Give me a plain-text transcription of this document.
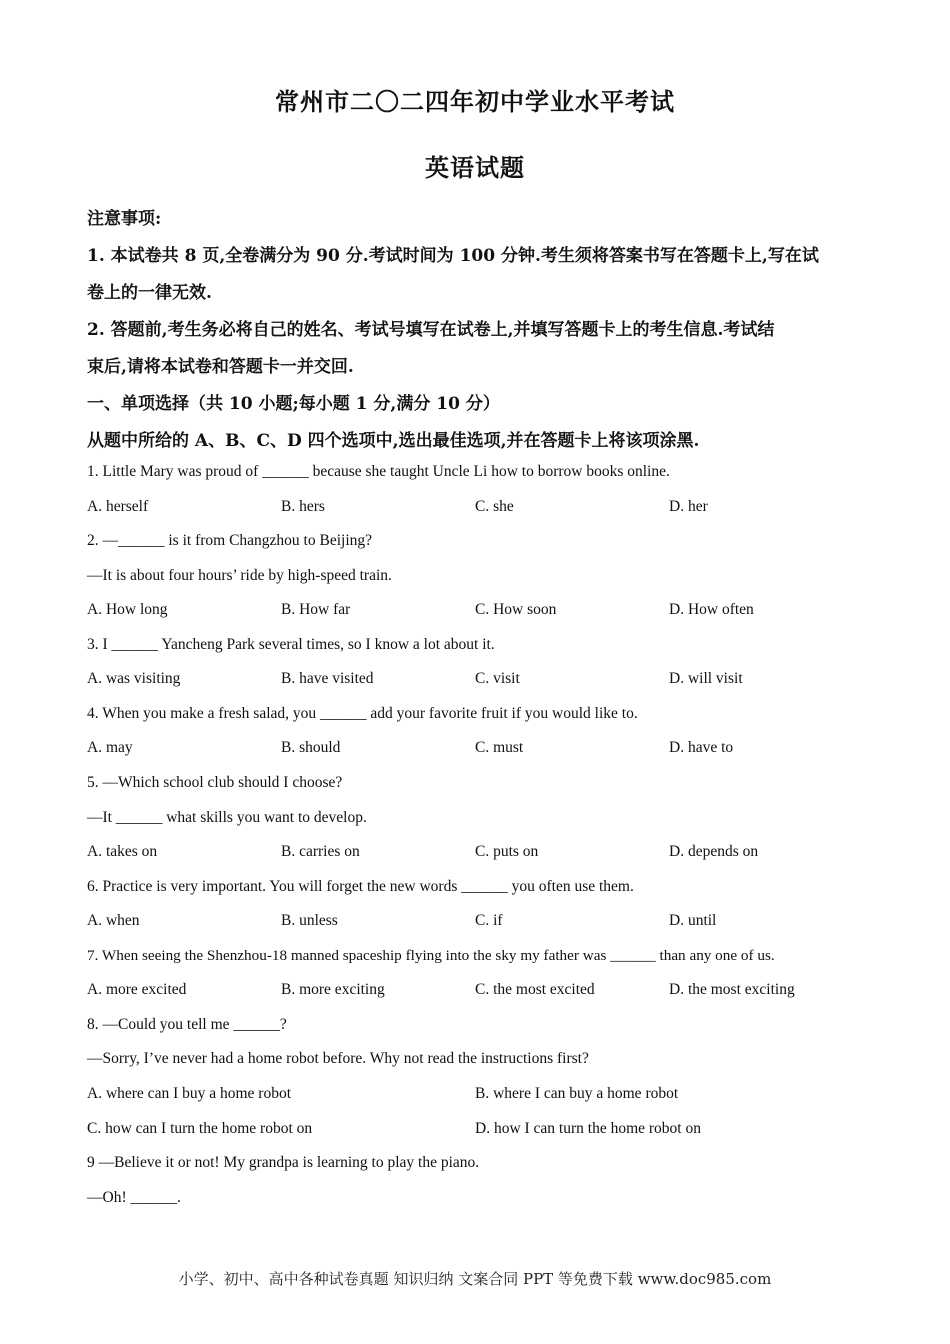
常州市二〇二四年初中学业水平考试
英语试题
注意事项:
1. 本试卷共 8 页,全卷满分为 90 分.考试时间为 100 分钟.考生须将答案书写在答题卡上,写在试
卷上的一律无效.
2. 答题前,考生务必将自己的姓名、考试号填写在试卷上,并填写答题卡上的考生信息.考试结
束后,请将本试卷和答题卡一并交回.
一、单项选择（共 10 小题;每小题 1 分,满分 10 分）
从题中所给的 A、B、C、D 四个选项中,选出最佳选项,并在答题卡上将该项涂黑.
1. Little Mary was proud of ______ because she taught Uncle Li how to borrow books online.
A. herself	B. hers	C. she	D. her
2. —______ is it from Changzhou to Beijing?
—It is about four hours’ ride by high-speed train.
A. How long	B. How far	C. How soon	D. How often
3. I ______ Yancheng Park several times, so I know a lot about it.
A. was visiting	B. have visited	C. visit	D. will visit
4. When you make a fresh salad, you ______ add your favorite fruit if you would like to.
A. may	B. should	C. must	D. have to
5. —Which school club should I choose?
—It ______ what skills you want to develop.
A. takes on	B. carries on	C. puts on	D. depends on
6. Practice is very important. You will forget the new words ______ you often use them.
A. when	B. unless	C. if	D. until
7. When seeing the Shenzhou-18 manned spaceship flying into the sky my father was ______ than any one of us.
A. more excited	B. more exciting	C. the most excited	D. the most exciting
8. —Could you tell me ______?
—Sorry, I’ve never had a home robot before. Why not read the instructions first?
A. where can I buy a home robot	B. where I can buy a home robot
C. how can I turn the home robot on	D. how I can turn the home robot on
9 —Believe it or not! My grandpa is learning to play the piano.
—Oh! ______.
小学、初中、高中各种试卷真题 知识归纳 文案合同 PPT 等免费下载 www.doc985.com
